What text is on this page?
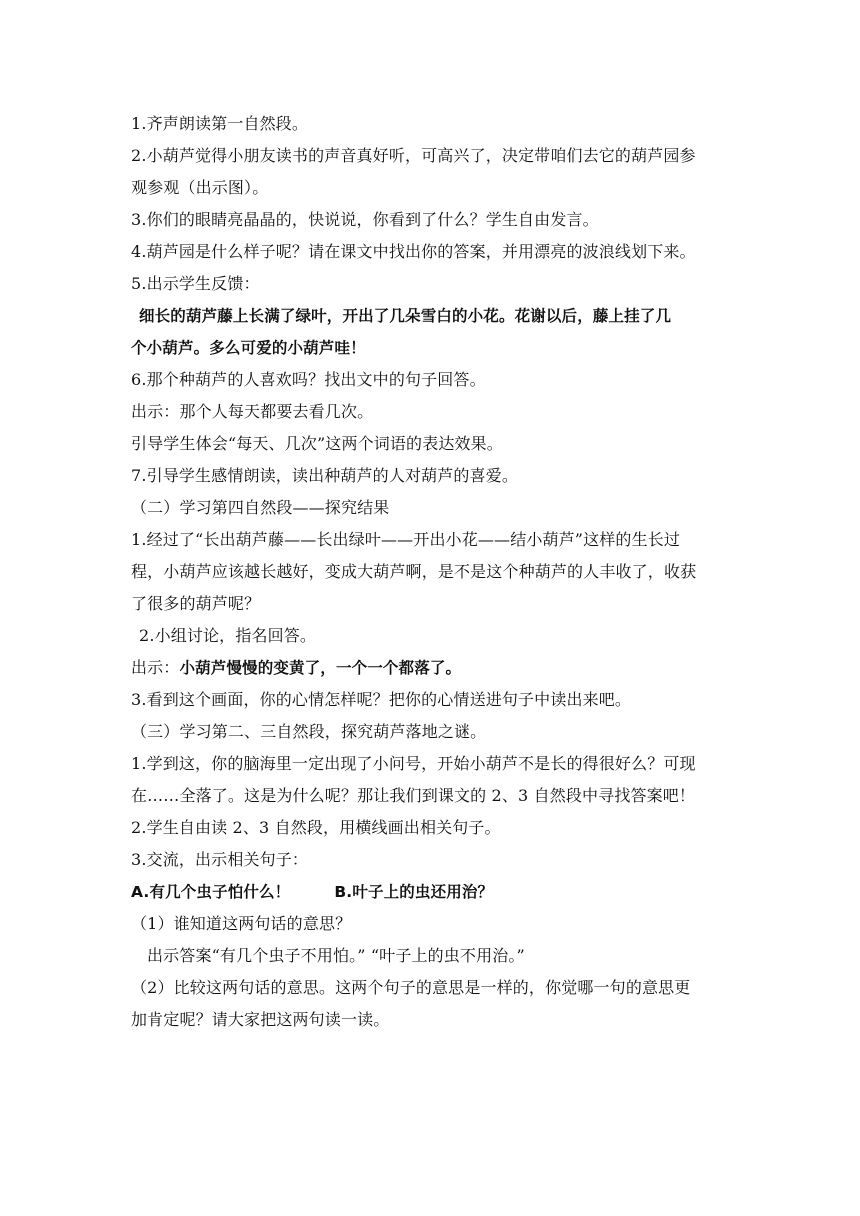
1.齐声朗读第一自然段。
2.小葫芦觉得小朋友读书的声音真好听，可高兴了，决定带咱们去它的葫芦园参
观参观（出示图）。
3.你们的眼睛亮晶晶的，快说说，你看到了什么？学生自由发言。
4.葫芦园是什么样子呢？请在课文中找出你的答案，并用漂亮的波浪线划下来。
5.出示学生反馈：
细长的葫芦藤上长满了绿叶，开出了几朵雪白的小花。花谢以后，藤上挂了几
个小葫芦。多么可爱的小葫芦哇！
6.那个种葫芦的人喜欢吗？找出文中的句子回答。
出示：那个人每天都要去看几次。
引导学生体会“每天、几次”这两个词语的表达效果。
7.引导学生感情朗读，读出种葫芦的人对葫芦的喜爱。
（二）学习第四自然段——探究结果
1.经过了“长出葫芦藤——长出绿叶——开出小花——结小葫芦”这样的生长过
程，小葫芦应该越长越好，变成大葫芦啊，是不是这个种葫芦的人丰收了，收获
了很多的葫芦呢？
2.小组讨论，指名回答。
出示：小葫芦慢慢的变黄了，一个一个都落了。
3.看到这个画面，你的心情怎样呢？把你的心情送进句子中读出来吧。
（三）学习第二、三自然段，探究葫芦落地之谜。
1.学到这，你的脑海里一定出现了小问号，开始小葫芦不是长的得很好么？可现
在……全落了。这是为什么呢？那让我们到课文的 2、3 自然段中寻找答案吧！
2.学生自由读 2、3 自然段，用横线画出相关句子。
3.交流，出示相关句子：
A.有几个虫子怕什么！	B.叶子上的虫还用治？
（1）谁知道这两句话的意思？
出示答案“有几个虫子不用怕。” “叶子上的虫不用治。”
（2）比较这两句话的意思。这两个句子的意思是一样的，你觉哪一句的意思更
加肯定呢？请大家把这两句读一读。
